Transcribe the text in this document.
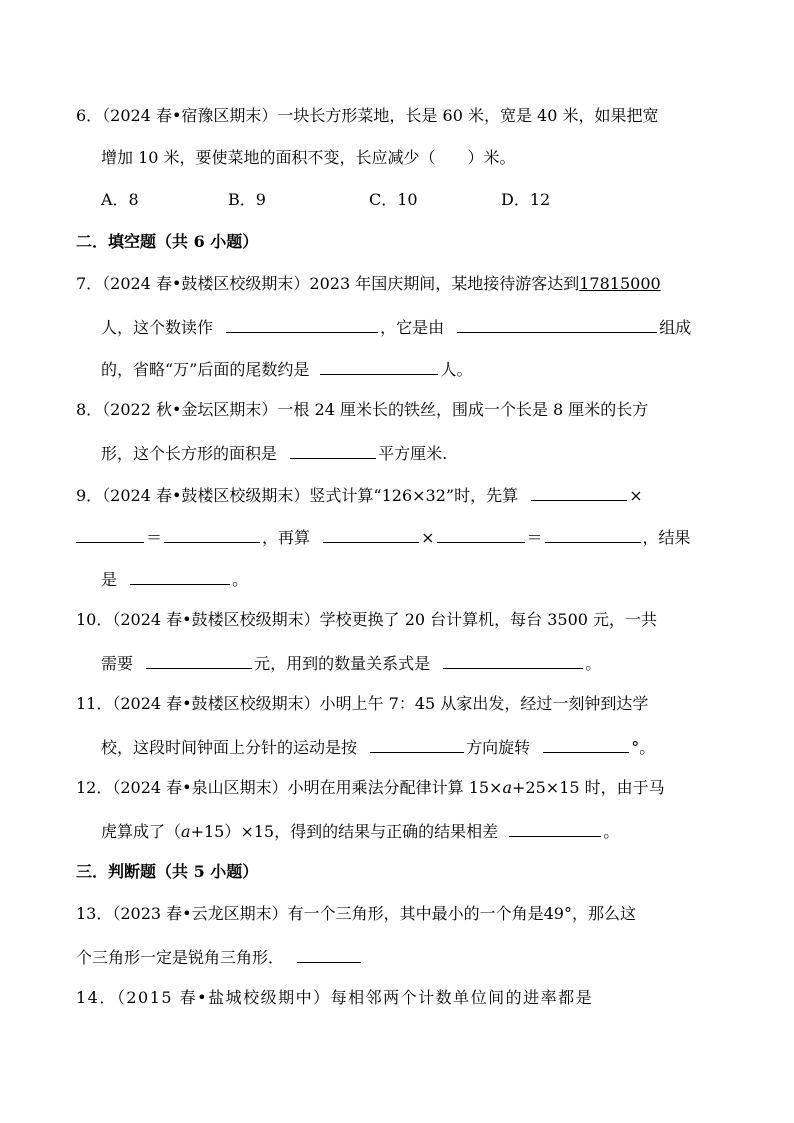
6．（2024 春•宿豫区期末）一块长方形菜地，长是 60 米，宽是 40 米，如果把宽
增加 10 米，要使菜地的面积不变，长应减少（　　）米。
A．8	B．9	C．10	D．12
二．填空题（共 6 小题）
7．（2024 春•鼓楼区校级期末）2023 年国庆期间，某地接待游客达到17815000
人，这个数读作	，它是由	组成
的，省略“万”后面的尾数约是	人。
8．（2022 秋•金坛区期末）一根 24 厘米长的铁丝，围成一个长是 8 厘米的长方
形，这个长方形的面积是	平方厘米.
9．（2024 春•鼓楼区校级期末）竖式计算“126×32”时，先算	×
＝	，再算	×	＝	，结果
是	。
10．（2024 春•鼓楼区校级期末）学校更换了 20 台计算机，每台 3500 元，一共
需要	元，用到的数量关系式是	。
11．（2024 春•鼓楼区校级期末）小明上午 7：45 从家出发，经过一刻钟到达学
校，这段时间钟面上分针的运动是按	方向旋转	°。
12．（2024 春•泉山区期末）小明在用乘法分配律计算 15×a+25×15 时，由于马
虎算成了（a+15）×15，得到的结果与正确的结果相差	。
三．判断题（共 5 小题）
13．（2023 春•云龙区期末）有一个三角形，其中最小的一个角是49°，那么这
个三角形一定是锐角三角形．
14．（2015 春•盐城校级期中）每相邻两个计数单位间的进率都是
